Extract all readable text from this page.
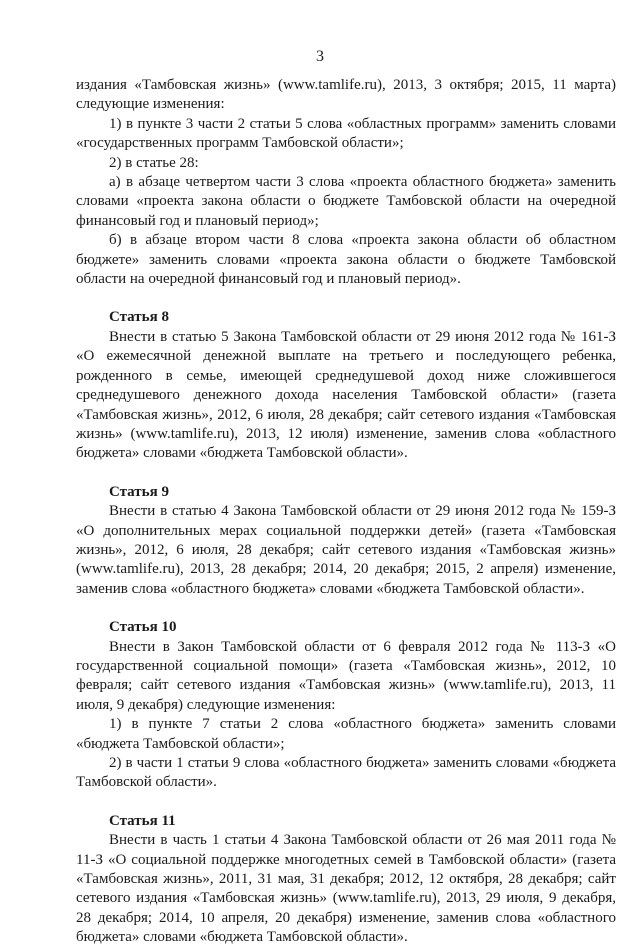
3

издания «Тамбовская жизнь» (www.tamlife.ru), 2013, 3 октября; 2015, 11 марта) следующие изменения:

1) в пункте 3 части 2 статьи 5 слова «областных программ» заменить словами «государственных программ Тамбовской области»;

2) в статье 28:

а) в абзаце четвертом части 3 слова «проекта областного бюджета» заменить словами «проекта закона области о бюджете Тамбовской области на очередной финансовый год и плановый период»;

б) в абзаце втором части 8 слова «проекта закона области об областном бюджете» заменить словами «проекта закона области о бюджете Тамбовской области на очередной финансовый год и плановый период».

Статья 8

Внести в статью 5 Закона Тамбовской области от 29 июня 2012 года № 161-З «О ежемесячной денежной выплате на третьего и последующего ребенка, рожденного в семье, имеющей среднедушевой доход ниже сложившегося среднедушевого денежного дохода населения Тамбовской области» (газета «Тамбовская жизнь», 2012, 6 июля, 28 декабря; сайт сетевого издания «Тамбовская жизнь» (www.tamlife.ru), 2013, 12 июля) изменение, заменив слова «областного бюджета» словами «бюджета Тамбовской области».

Статья 9

Внести в статью 4 Закона Тамбовской области от 29 июня 2012 года № 159-З «О дополнительных мерах социальной поддержки детей» (газета «Тамбовская жизнь», 2012, 6 июля, 28 декабря; сайт сетевого издания «Тамбовская жизнь» (www.tamlife.ru), 2013, 28 декабря; 2014, 20 декабря; 2015, 2 апреля) изменение, заменив слова «областного бюджета» словами «бюджета Тамбовской области».

Статья 10

Внести в Закон Тамбовской области от 6 февраля 2012 года № 113-З «О государственной социальной помощи» (газета «Тамбовская жизнь», 2012, 10 февраля; сайт сетевого издания «Тамбовская жизнь» (www.tamlife.ru), 2013, 11 июля, 9 декабря) следующие изменения:

1) в пункте 7 статьи 2 слова «областного бюджета» заменить словами «бюджета Тамбовской области»;

2) в части 1 статьи 9 слова «областного бюджета» заменить словами «бюджета Тамбовской области».

Статья 11

Внести в часть 1 статьи 4 Закона Тамбовской области от 26 мая 2011 года № 11-З «О социальной поддержке многодетных семей в Тамбовской области» (газета «Тамбовская жизнь», 2011, 31 мая, 31 декабря; 2012, 12 октября, 28 декабря; сайт сетевого издания «Тамбовская жизнь» (www.tamlife.ru), 2013, 29 июля, 9 декабря, 28 декабря; 2014, 10 апреля, 20 декабря) изменение, заменив слова «областного бюджета» словами «бюджета Тамбовской области».
